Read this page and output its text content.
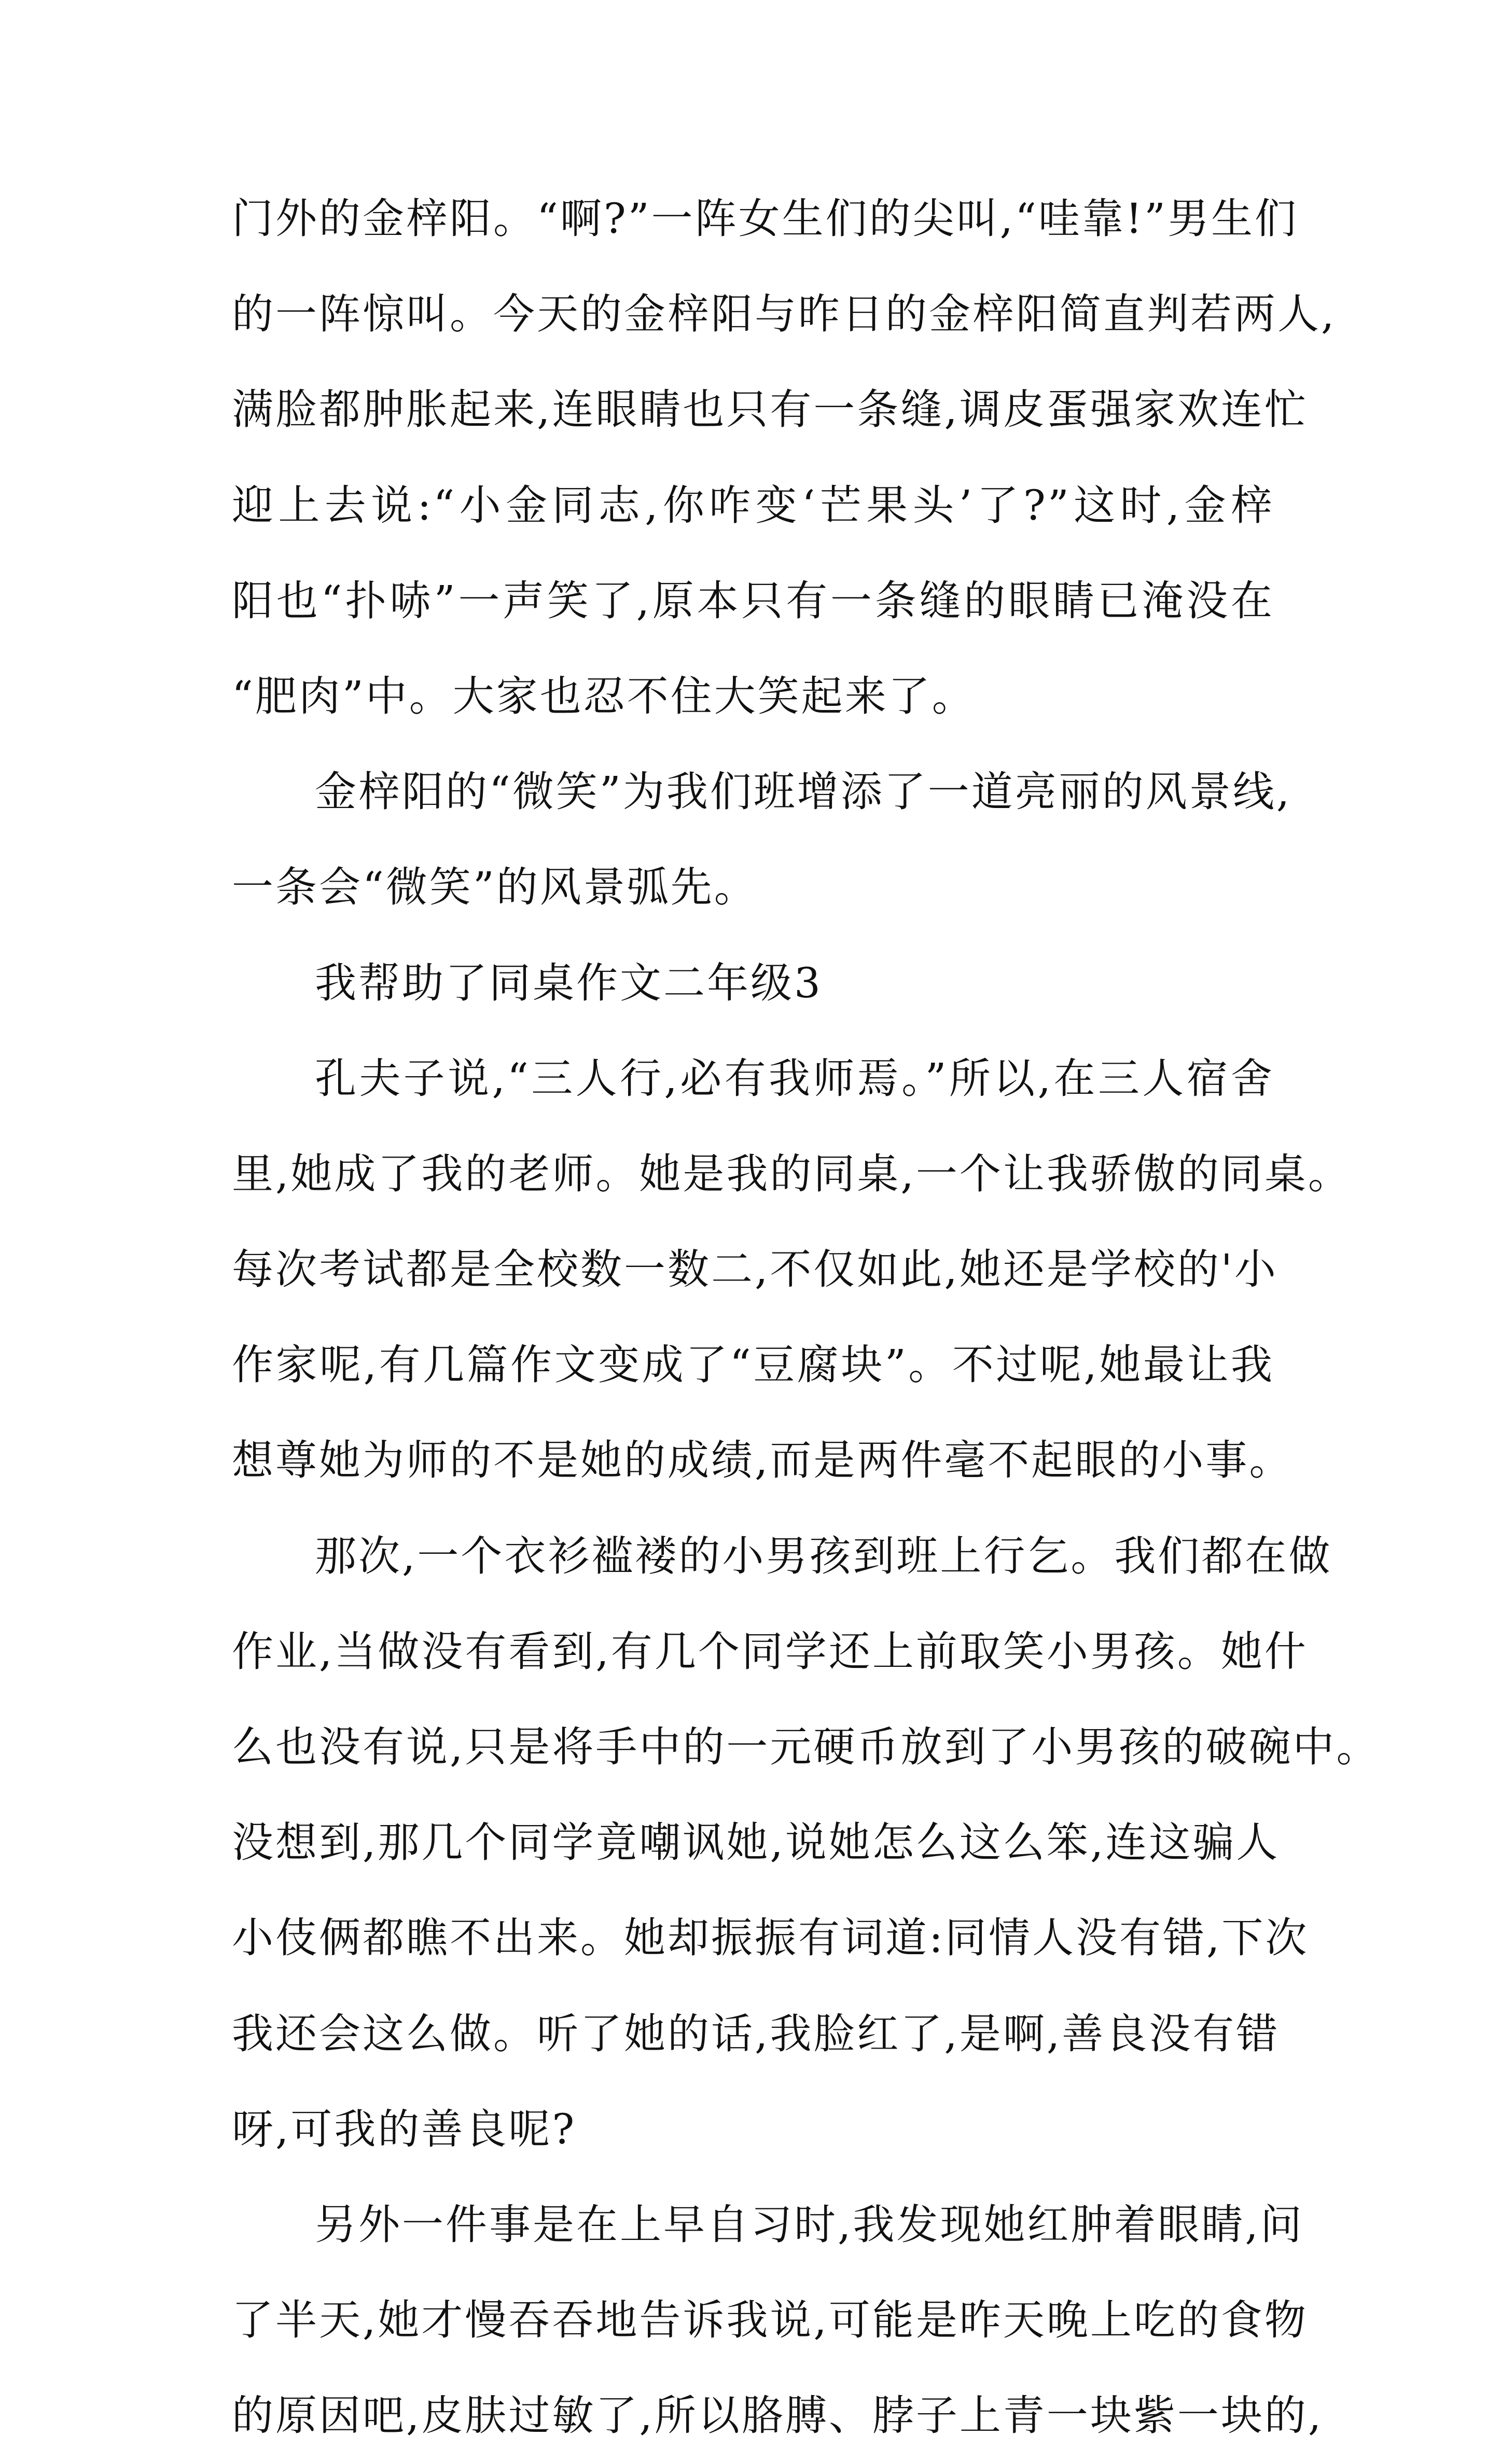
门外的金梓阳。“啊?”一阵女生们的尖叫,“哇靠!”男生们
的一阵惊叫。今天的金梓阳与昨日的金梓阳简直判若两人,
满脸都肿胀起来,连眼睛也只有一条缝,调皮蛋强家欢连忙
迎上去说:“小金同志,你咋变‘芒果头’了?”这时,金梓
阳也“扑哧”一声笑了,原本只有一条缝的眼睛已淹没在
“肥肉”中。大家也忍不住大笑起来了。
金梓阳的“微笑”为我们班增添了一道亮丽的风景线,
一条会“微笑”的风景弧先。
我帮助了同桌作文二年级3
孔夫子说,“三人行,必有我师焉。”所以,在三人宿舍
里,她成了我的老师。她是我的同桌,一个让我骄傲的同桌。
每次考试都是全校数一数二,不仅如此,她还是学校的'小
作家呢,有几篇作文变成了“豆腐块”。不过呢,她最让我
想尊她为师的不是她的成绩,而是两件毫不起眼的小事。
那次,一个衣衫褴褛的小男孩到班上行乞。我们都在做
作业,当做没有看到,有几个同学还上前取笑小男孩。她什
么也没有说,只是将手中的一元硬币放到了小男孩的破碗中。
没想到,那几个同学竟嘲讽她,说她怎么这么笨,连这骗人
小伎俩都瞧不出来。她却振振有词道:同情人没有错,下次
我还会这么做。听了她的话,我脸红了,是啊,善良没有错
呀,可我的善良呢?
另外一件事是在上早自习时,我发现她红肿着眼睛,问
了半天,她才慢吞吞地告诉我说,可能是昨天晚上吃的食物
的原因吧,皮肤过敏了,所以胳膊、脖子上青一块紫一块的,
